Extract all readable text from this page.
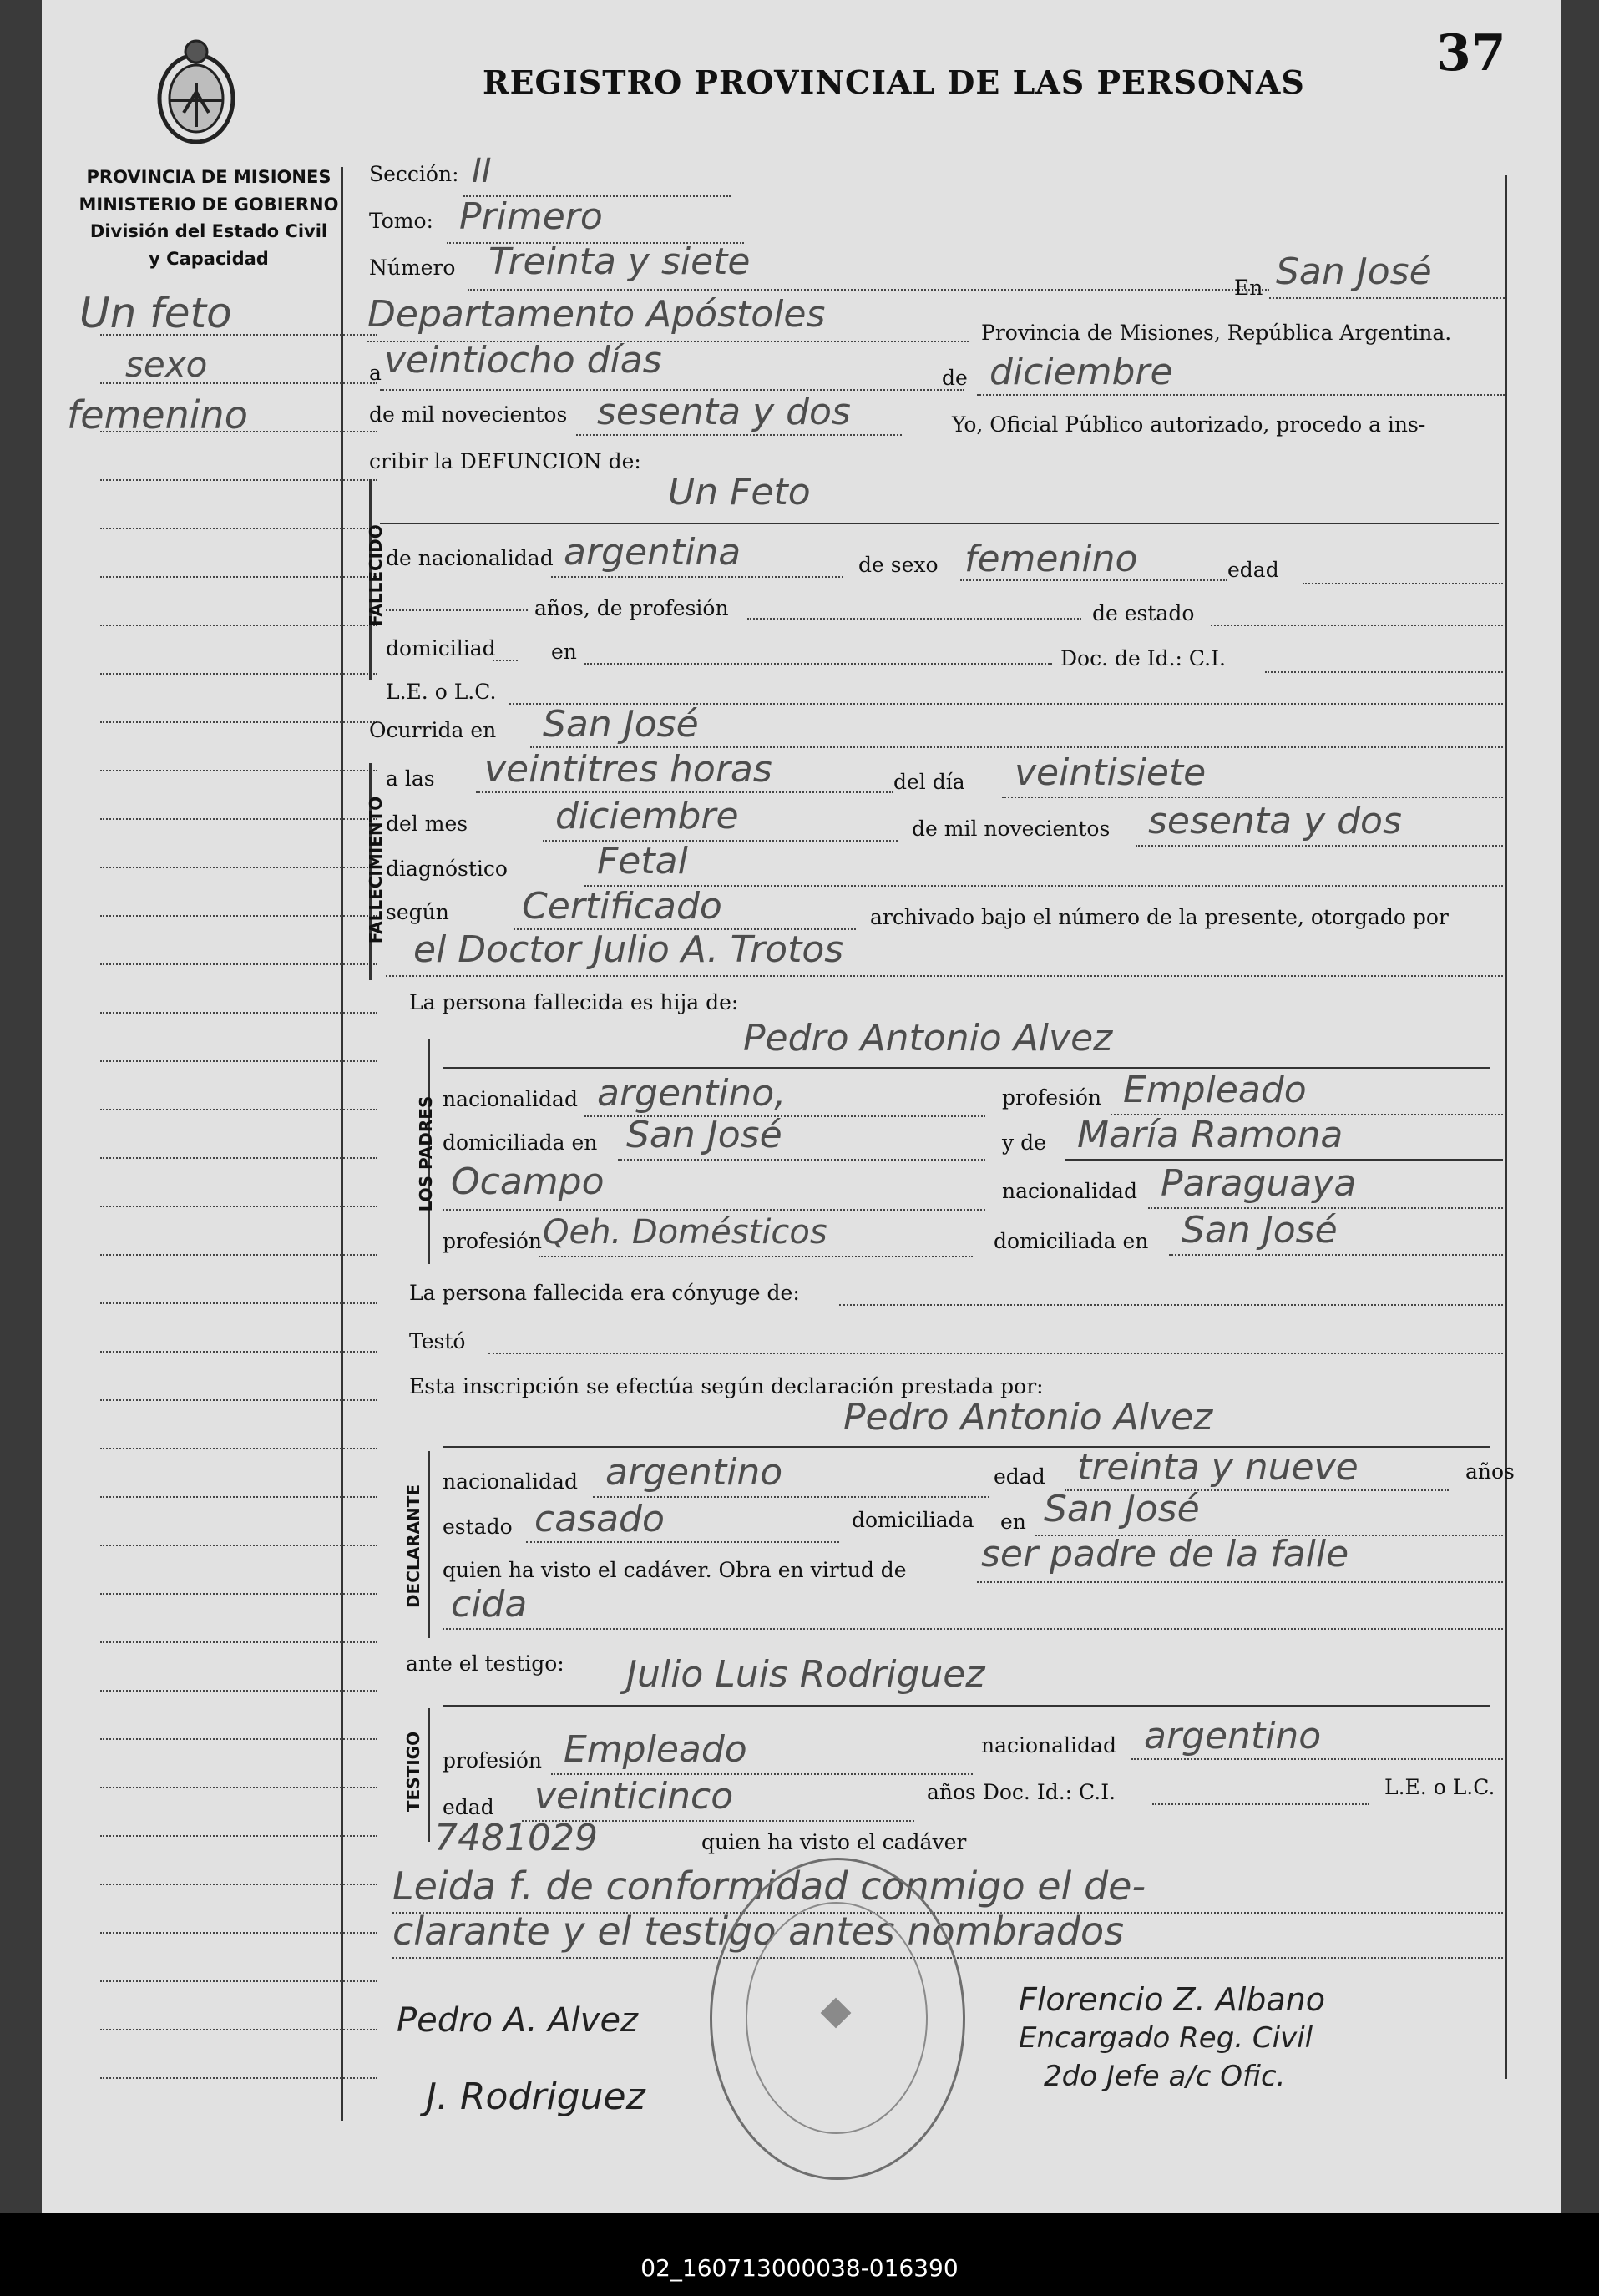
PROVINCIA DE MISIONES
MINISTERIO DE GOBIERNO
División del Estado Civil
y Capacidad
37
REGISTRO PROVINCIAL DE LAS PERSONAS
Un feto
sexo
femenino
Sección: II
Tomo: Primero
Número Treinta y siete
En San José
Departamento Apóstoles	Provincia de Misiones, República Argentina.
a veintiocho días	de diciembre
de mil novecientos sesenta y dos	Yo, Oficial Público autorizado, procedo a ins-
cribir la DEFUNCION de:
FALLECIDO
Un Feto
de nacionalidad argentina	de sexo femenino	edad
años, de profesión	de estado
domiciliad	en	Doc. de Id.: C.I.
L.E. o L.C.
Ocurrida en San José
FALLECIMIENTO
a las veintitres horas	del día veintisiete
del mes diciembre	de mil novecientos sesenta y dos
diagnóstico Fetal
según Certificado	archivado bajo el número de la presente, otorgado por
el Doctor Julio A. Trotos
La persona fallecida es hija de:
LOS PADRES
Pedro Antonio Alvez
nacionalidad argentino,	profesión Empleado
domiciliada en San José	y de María Ramona
Ocampo	nacionalidad Paraguaya
profesión Qeh. Domésticos	domiciliada en San José
La persona fallecida era cónyuge de:
Testó
Esta inscripción se efectúa según declaración prestada por:
DECLARANTE
Pedro Antonio Alvez
nacionalidad argentino	edad treinta y nueve	años
estado casado	domiciliada en San José
quien ha visto el cadáver. Obra en virtud de ser padre de la falle
cida
ante el testigo:
TESTIGO
Julio Luis Rodriguez
profesión Empleado	nacionalidad argentino
edad veinticinco	años Doc. Id.: C.I.	L.E. o L.C.
7481029	quien ha visto el cadáver
Leida f. de conformidad conmigo el de-
clarante y el testigo antes nombrados
Pedro A. Alvez
J. Rodriguez
Florencio Z. Albano
Encargado Reg. Civil
2do Jefe a/c Ofic.
02_160713000038-016390
